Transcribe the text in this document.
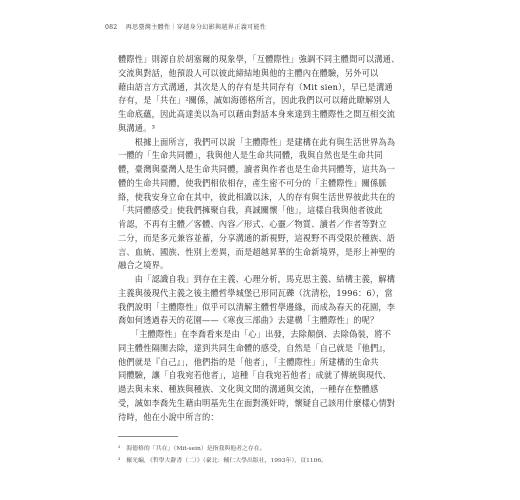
082 再思臺灣主體性｜穿越身分幻影與越界正義可能性
體際性」則源自於胡塞爾的現象學，「互體際性」強調不同主體間可以溝通、
交流與對話，他預設人可以彼此締結地與他的主體內在體驗，另外可以
藉由語言方式溝通，其次是人的存有是共同存有（Mit sien），早已是溝通
存有，是「共在」²關係，誠如海德格所言，因此我們以可以藉此瞭解別人
生命底蘊，因此高達美以為可以藉由對話本身來達到主體際性之間互相交流
與溝通。³
　　根據上面所言，我們可以說「主體際性」是建構在此有與生活世界為為
一體的「生命共同體」，我與他人是生命共同體，我與自然也是生命共同
體，臺灣與臺灣人是生命共同體，讀者與作者也是生命共同體等，這共為一
體的生命共同體，使我們相依相存，產生密不可分的「主體際性」關係脈
絡，使我安身立命在其中，彼此相識以沫，人的存有與生活世界彼此共在的
「共同體感受」使我們擁聚自我，真誠關懷「他」，這樣自我與他者彼此
肯認，不再有主體／客體、內容／形式、心靈／物質、讀者／作者等對立
二分，而是多元兼容並蓄，分享溝通的新視野，這視野不再受限於種族、語
言、血統、國族、性別上差異，而是超越昇華的生命新境界，是形上神聖的
融合之境界。
　　由「認識自我」到存在主義、心理分析，馬克思主義、結構主義，解構
主義與後現代主義之後主體哲學城堡已形同瓦礫（沈清松，1996：6），當
我們說明「主體際性」似乎可以清解主體哲學邊緣，而成為春天的花園，李
喬如何透過春天的花園——《寒夜三部曲》去建構「主體際性」的呢？
　　「主體際性」在李喬看來是由「心」出發，去除顛倒、去除偽裝，將不
同主體性隔閡去除，達到共同生命體的感受，自然是「自己就是『他們』，
他們就是『自己』」，他們指的是「他者」，「主體際性」所建構的生命共
同體驗，讓「自我宛若他者」，這種「自我宛若他者」成就了傳統與現代、
過去與未來、種族與種族、文化與文間的溝通與交流，一種存在整體感
受，誠如李喬先生藉由明基先生在面對漢奸時，懷疑自己該用什麼樣心情對
待時，他在小說中所言的：
²　海德格的「共在」（Mit-sein）是指我與他者之存在。
³　羅光編，《哲學大辭書（二）》（臺北：輔仁大學出版社，1993年），頁1106。
